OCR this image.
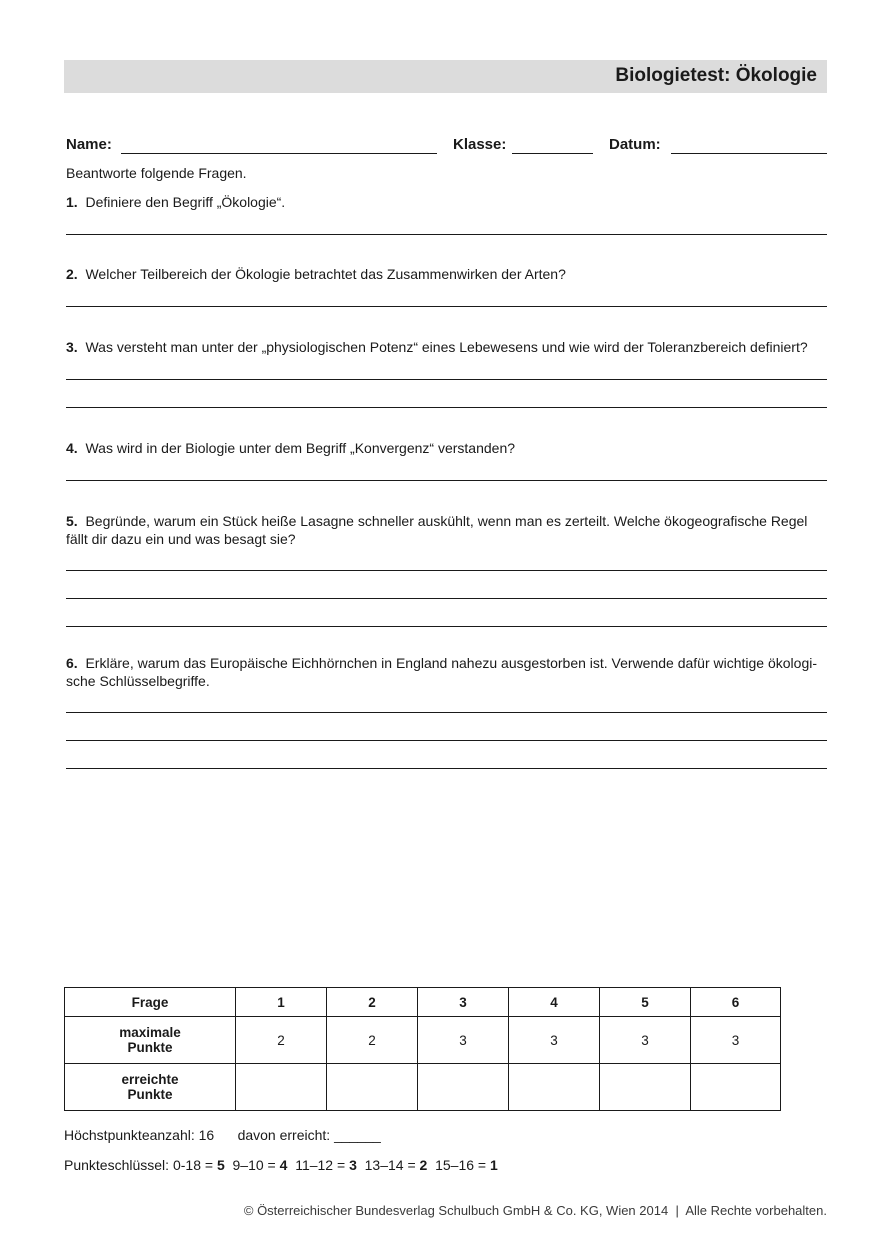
Biologietest: Ökologie
Name:	Klasse:	Datum:
Beantworte folgende Fragen.
1. Definiere den Begriff „Ökologie“.
2. Welcher Teilbereich der Ökologie betrachtet das Zusammenwirken der Arten?
3. Was versteht man unter der „physiologischen Potenz“ eines Lebewesens und wie wird der Toleranzbereich definiert?
4. Was wird in der Biologie unter dem Begriff „Konvergenz“ verstanden?
5. Begründe, warum ein Stück heiße Lasagne schneller auskühlt, wenn man es zerteilt. Welche ökogeografische Regel fällt dir dazu ein und was besagt sie?
6. Erkläre, warum das Europäische Eichhörnchen in England nahezu ausgestorben ist. Verwende dafür wichtige ökologi-sche Schlüsselbegriffe.
Frage	1	2	3	4	5	6

maximale
Punkte	2	2	3	3	3	3

erreichte
Punkte						

Höchstpunkteanzahl: 16 davon erreicht: ______
Punkteschlüssel: 0-18 = 5 9–10 = 4 11–12 = 3 13–14 = 2 15–16 = 1
© Österreichischer Bundesverlag Schulbuch GmbH & Co. KG, Wien 2014 | Alle Rechte vorbehalten.
